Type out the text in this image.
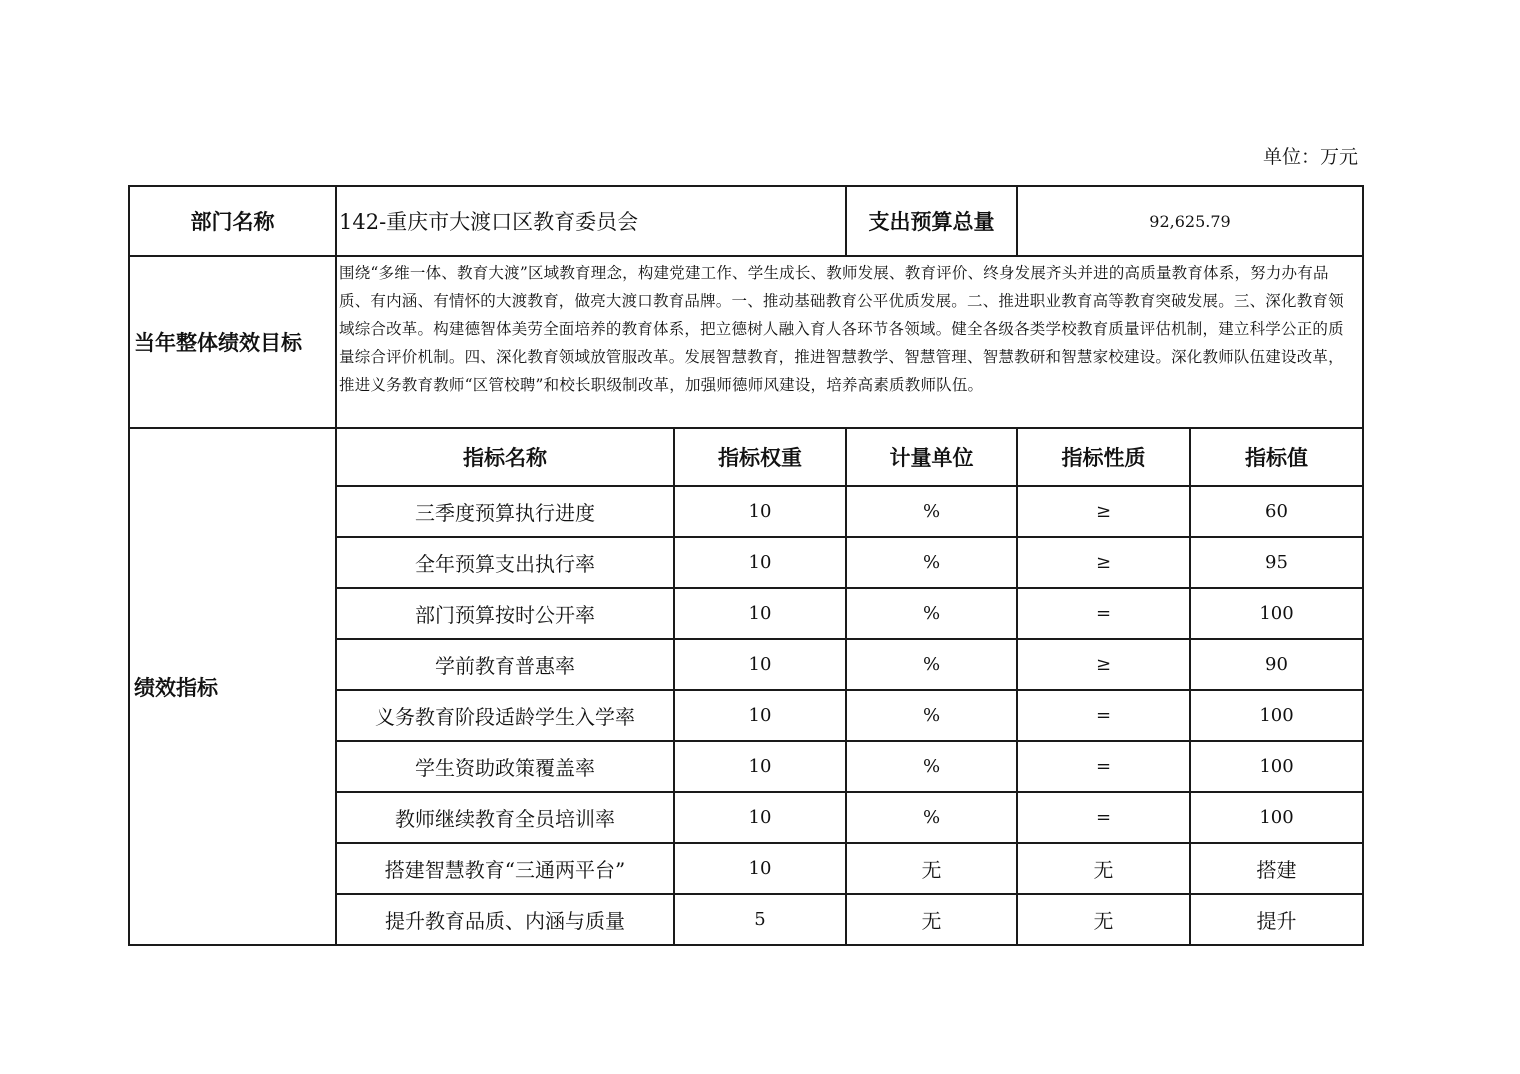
单位：万元
部门名称	142-重庆市大渡口区教育委员会		支出预算总量	92,625.79	
当年整体绩效目标	围绕“多维一体、教育大渡”区域教育理念，构建党建工作、学生成长、教师发展、教育评价、终身发展齐头并进的高质量教育体系，努力办有品质、有内涵、有情怀的大渡教育，做亮大渡口教育品牌。一、推动基础教育公平优质发展。二、推进职业教育高等教育突破发展。三、深化教育领域综合改革。构建德智体美劳全面培养的教育体系，把立德树人融入育人各环节各领域。健全各级各类学校教育质量评估机制，建立科学公正的质量综合评价机制。四、深化教育领域放管服改革。发展智慧教育，推进智慧教学、智慧管理、智慧教研和智慧家校建设。深化教师队伍建设改革，推进义务教育教师“区管校聘”和校长职级制改革，加强师德师风建设，培养高素质教师队伍。				
绩效指标	指标名称	指标权重	计量单位	指标性质	指标值
	三季度预算执行进度	10	%	≥	60
	全年预算支出执行率	10	%	≥	95
	部门预算按时公开率	10	%	=	100
	学前教育普惠率	10	%	≥	90
	义务教育阶段适龄学生入学率	10	%	=	100
	学生资助政策覆盖率	10	%	=	100
	教师继续教育全员培训率	10	%	=	100
	搭建智慧教育“三通两平台”	10	无	无	搭建
	提升教育品质、内涵与质量	5	无	无	提升
